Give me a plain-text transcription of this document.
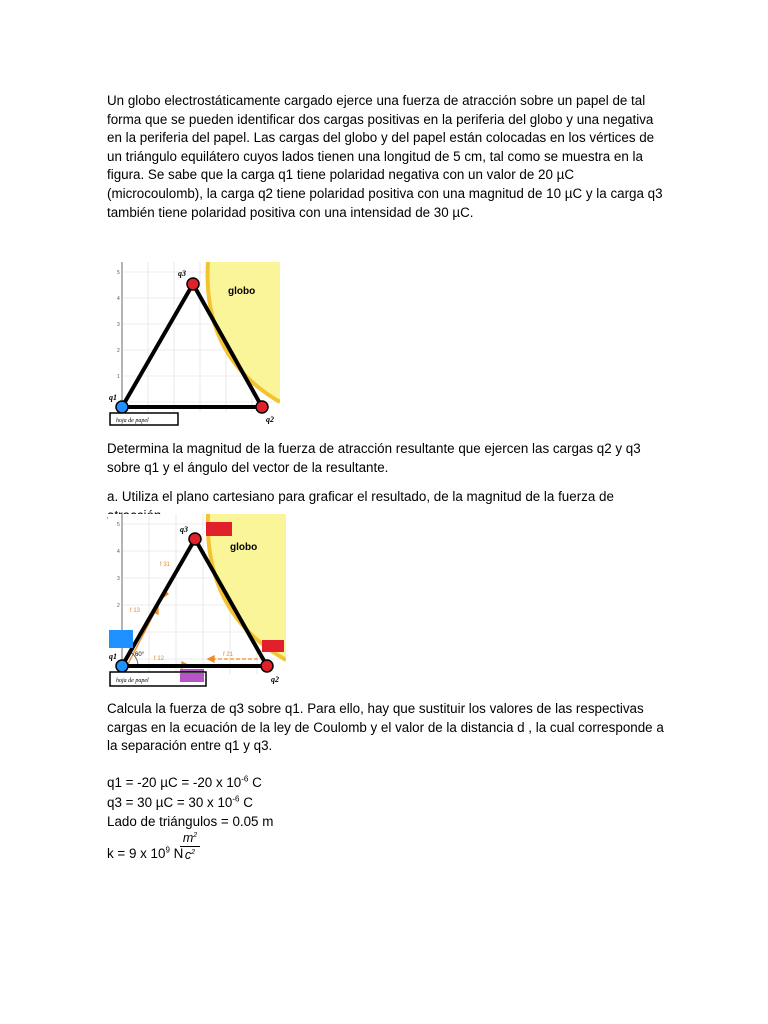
Un globo electrostáticamente cargado ejerce una fuerza de atracción sobre un papel de tal forma que se pueden identificar dos cargas positivas en la periferia del globo y una negativa en la periferia del papel. Las cargas del globo y del papel están colocadas en los vértices de un triángulo equilátero cuyos lados tienen una longitud de 5 cm, tal como se muestra en la figura. Se sabe que la carga q1 tiene polaridad negativa con un valor de 20 µC (microcoulomb), la carga q2 tiene polaridad positiva con una magnitud de 10 µC y la carga q3 también tiene polaridad positiva con una intensidad de 30 µC.

5
4
3
2
1
globo
q3
q1
q2
hoja de papel

Determina la magnitud de la fuerza de atracción resultante que ejercen las cargas q2 y q3 sobre q1 y el ángulo del vector de la resultante.

a. Utiliza el plano cartesiano para graficar el resultado, de la magnitud de la fuerza de

5
4
3
2
60°
f 31
f 13
f 12
f 21
globo
q3
q1
q2
hoja de papel

Calcula la fuerza de q3 sobre q1. Para ello, hay que sustituir los valores de las respectivas cargas en la ecuación de la ley de Coulomb y el valor de la distancia d , la cual corresponde a la separación entre q1 y q3.

q1 = -20 µC = -20 x $10^{-6}$ C
q3 = 30 µC = 30 x $10^{-6}$ C
Lado de triángulos = 0.05 m
k = 9 x $10^9$ N
$\frac{m^2}{c^2}$
